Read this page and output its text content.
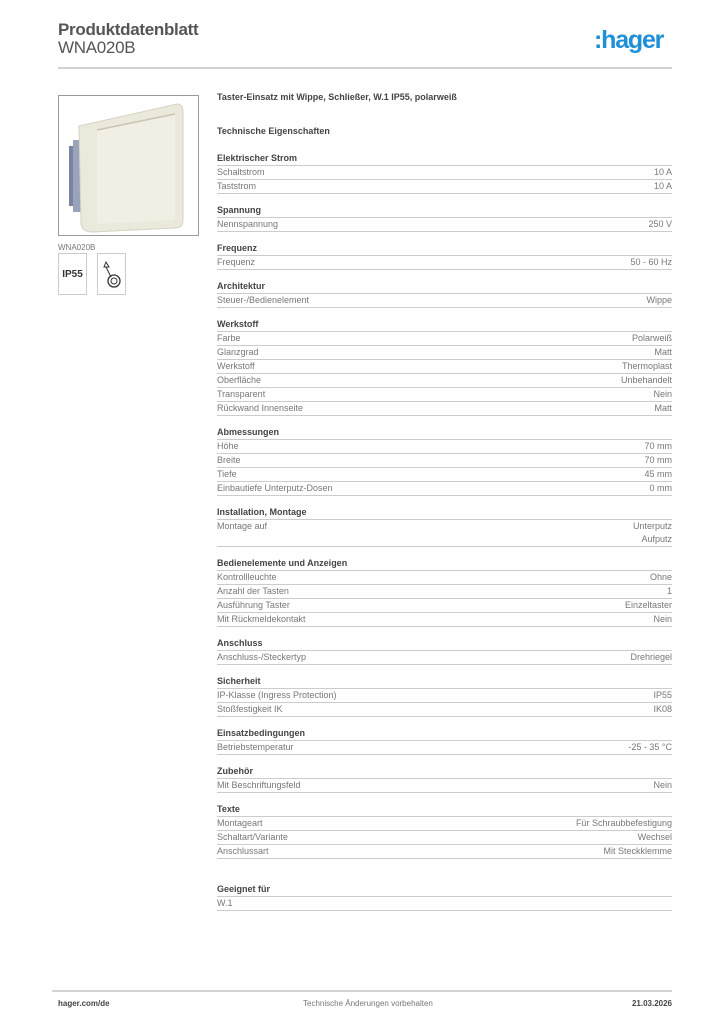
Produktdatenblatt
WNA020B	:hager
WNA020B
IP55
Taster-Einsatz mit Wippe, Schließer, W.1 IP55, polarweiß
Technische Eigenschaften
Elektrischer Strom
Schaltstrom	10 A
Taststrom	10 A
Spannung
Nennspannung	250 V
Frequenz
Frequenz	50 - 60 Hz
Architektur
Steuer-/Bedienelement	Wippe
Werkstoff
Farbe	Polarweiß
Glanzgrad	Matt
Werkstoff	Thermoplast
Oberfläche	Unbehandelt
Transparent	Nein
Rückwand Innenseite	Matt
Abmessungen
Höhe	70 mm
Breite	70 mm
Tiefe	45 mm
Einbautiefe Unterputz-Dosen	0 mm
Installation, Montage
Montage auf	Unterputz
Aufputz
Bedienelemente und Anzeigen
Kontrollleuchte	Ohne
Anzahl der Tasten	1
Ausführung Taster	Einzeltaster
Mit Rückmeldekontakt	Nein
Anschluss
Anschluss-/Steckertyp	Drehriegel
Sicherheit
IP-Klasse (Ingress Protection)	IP55
Stoßfestigkeit IK	IK08
Einsatzbedingungen
Betriebstemperatur	-25 - 35 °C
Zubehör
Mit Beschriftungsfeld	Nein
Texte
Montageart	Für Schraubbefestigung
Schaltart/Variante	Wechsel
Anschlussart	Mit Steckklemme
Geeignet für
W.1
hager.com/de	Technische Änderungen vorbehalten	21.03.2026
